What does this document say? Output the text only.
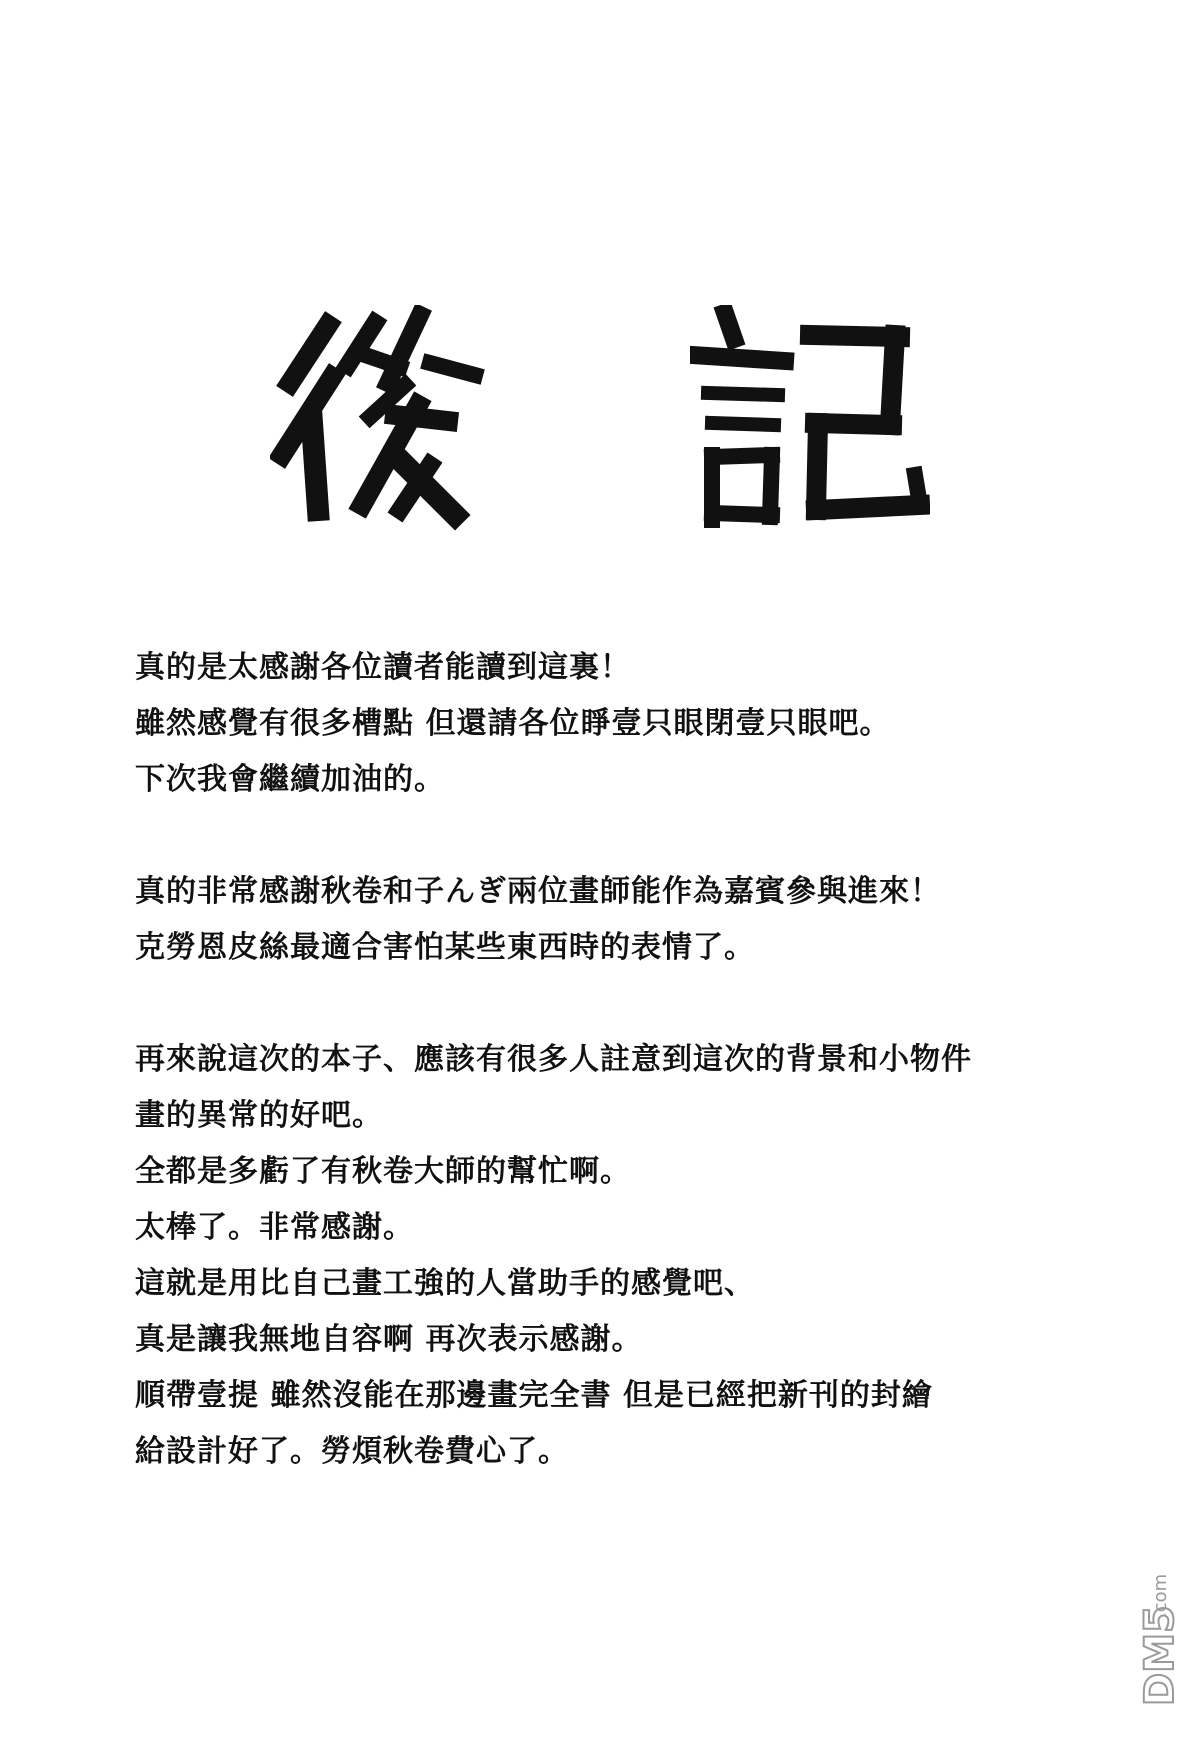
真的是太感謝各位讀者能讀到這裏！
雖然感覺有很多槽點 但還請各位睜壹只眼閉壹只眼吧。
下次我會繼續加油的。
真的非常感謝秋卷和子んぎ兩位畫師能作為嘉賓參與進來！
克勞恩皮絲最適合害怕某些東西時的表情了。
再來說這次的本子、應該有很多人註意到這次的背景和小物件
畫的異常的好吧。
全都是多虧了有秋卷大師的幫忙啊。
太棒了。非常感謝。
這就是用比自己畫工強的人當助手的感覺吧、
真是讓我無地自容啊 再次表示感謝。
順帶壹提 雖然沒能在那邊畫完全書 但是已經把新刊的封繪
給設計好了。勞煩秋卷費心了。
DM5
.com
